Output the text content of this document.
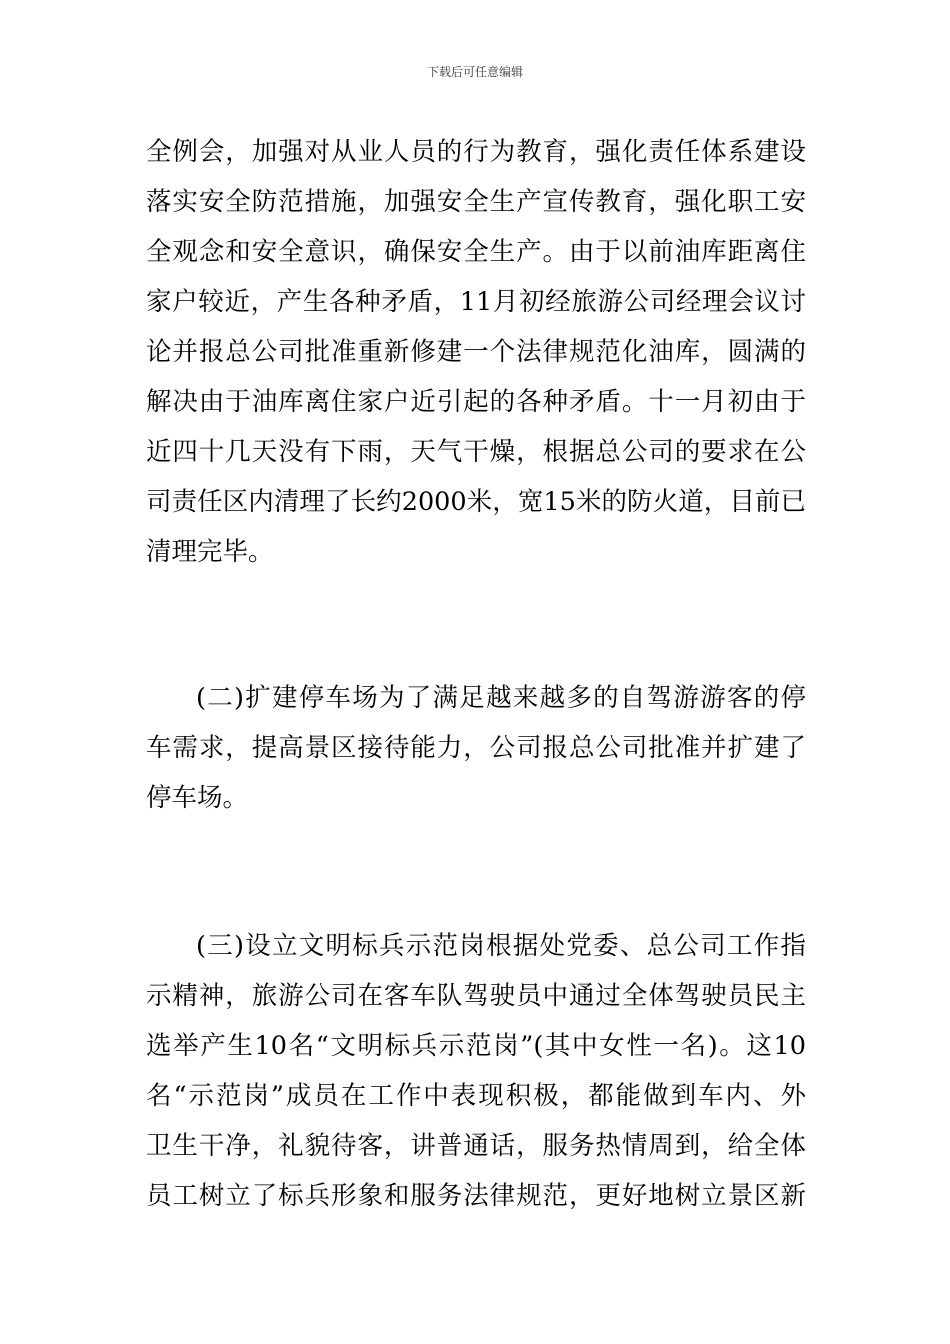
下载后可任意编辑
全例会，加强对从业人员的行为教育，强化责任体系建设
落实安全防范措施，加强安全生产宣传教育，强化职工安
全观念和安全意识，确保安全生产。由于以前油库距离住
家户较近，产生各种矛盾，11月初经旅游公司经理会议讨
论并报总公司批准重新修建一个法律规范化油库，圆满的
解决由于油库离住家户近引起的各种矛盾。十一月初由于
近四十几天没有下雨，天气干燥，根据总公司的要求在公
司责任区内清理了长约2000米，宽15米的防火道，目前已
清理完毕。
(二)扩建停车场为了满足越来越多的自驾游游客的停
车需求，提高景区接待能力，公司报总公司批准并扩建了
停车场。
(三)设立文明标兵示范岗根据处党委、总公司工作指
示精神，旅游公司在客车队驾驶员中通过全体驾驶员民主
选举产生10名“文明标兵示范岗”(其中女性一名)。这10
名“示范岗”成员在工作中表现积极，都能做到车内、外
卫生干净，礼貌待客，讲普通话，服务热情周到，给全体
员工树立了标兵形象和服务法律规范，更好地树立景区新
